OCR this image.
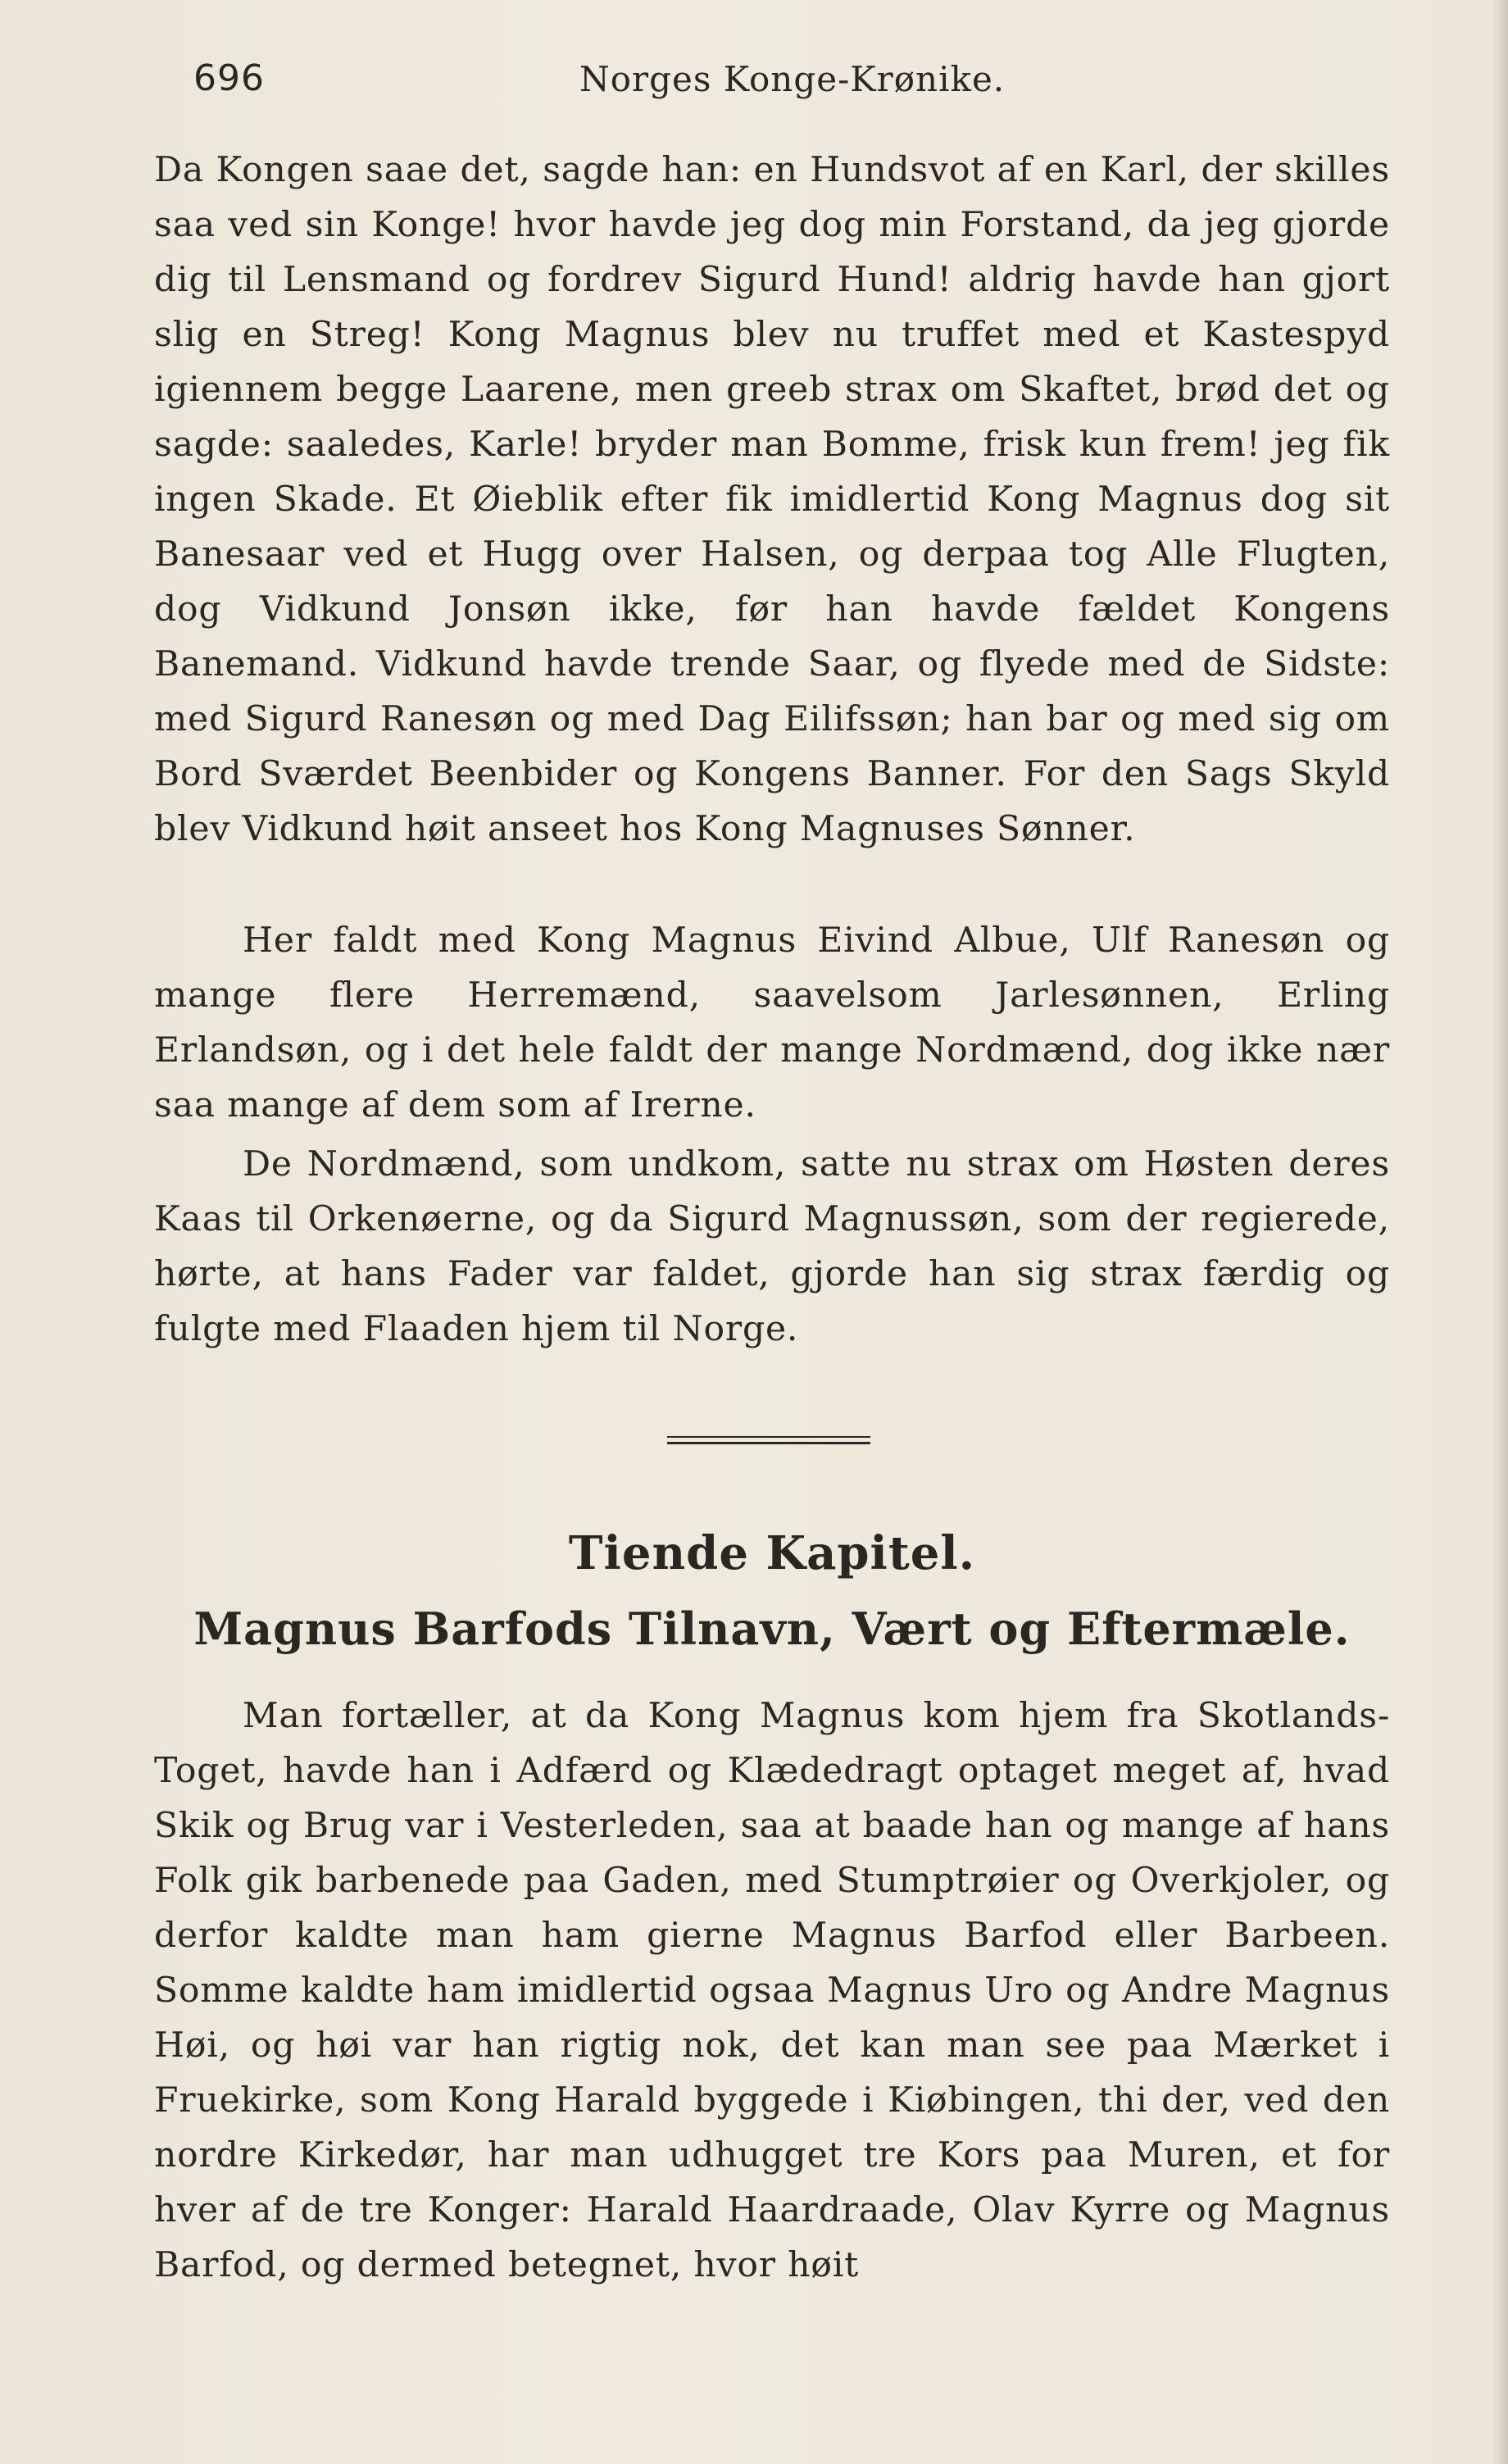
696	Norges Konge-Krønike.

Da Kongen saae det, sagde han: en Hundsvot af en Karl, der skilles saa ved sin Konge! hvor havde jeg dog min Forstand, da jeg gjorde dig til Lensmand og fordrev Sigurd Hund! aldrig havde han gjort slig en Streg! Kong Magnus blev nu truffet med et Kastespyd igiennem begge Laarene, men greeb strax om Skaftet, brød det og sagde: saaledes, Karle! bryder man Bomme, frisk kun frem! jeg fik ingen Skade. Et Øieblik efter fik imidlertid Kong Magnus dog sit Banesaar ved et Hugg over Halsen, og derpaa tog Alle Flugten, dog Vidkund Jonsøn ikke, før han havde fældet Kongens Banemand. Vidkund havde trende Saar, og flyede med de Sidste: med Sigurd Ranesøn og med Dag Eilifssøn; han bar og med sig om Bord Sværdet Beenbider og Kongens Banner. For den Sags Skyld blev Vidkund høit anseet hos Kong Magnuses Sønner.

Her faldt med Kong Magnus Eivind Albue, Ulf Ranesøn og mange flere Herremænd, saavelsom Jarlesønnen, Erling Erlandsøn, og i det hele faldt der mange Nordmænd, dog ikke nær saa mange af dem som af Irerne.

De Nordmænd, som undkom, satte nu strax om Høsten deres Kaas til Orkenøerne, og da Sigurd Magnussøn, som der regierede, hørte, at hans Fader var faldet, gjorde han sig strax færdig og fulgte med Flaaden hjem til Norge.

Tiende Kapitel.
Magnus Barfods Tilnavn, Vært og Eftermæle.

Man fortæller, at da Kong Magnus kom hjem fra Skotlands-Toget, havde han i Adfærd og Klædedragt optaget meget af, hvad Skik og Brug var i Vesterleden, saa at baade han og mange af hans Folk gik barbenede paa Gaden, med Stumptrøier og Overkjoler, og derfor kaldte man ham gierne Magnus Barfod eller Barbeen. Somme kaldte ham imidlertid ogsaa Magnus Uro og Andre Magnus Høi, og høi var han rigtig nok, det kan man see paa Mærket i Fruekirke, som Kong Harald byggede i Kiøbingen, thi der, ved den nordre Kirkedør, har man udhugget tre Kors paa Muren, et for hver af de tre Konger: Harald Haardraade, Olav Kyrre og Magnus Barfod, og dermed betegnet, hvor høit
